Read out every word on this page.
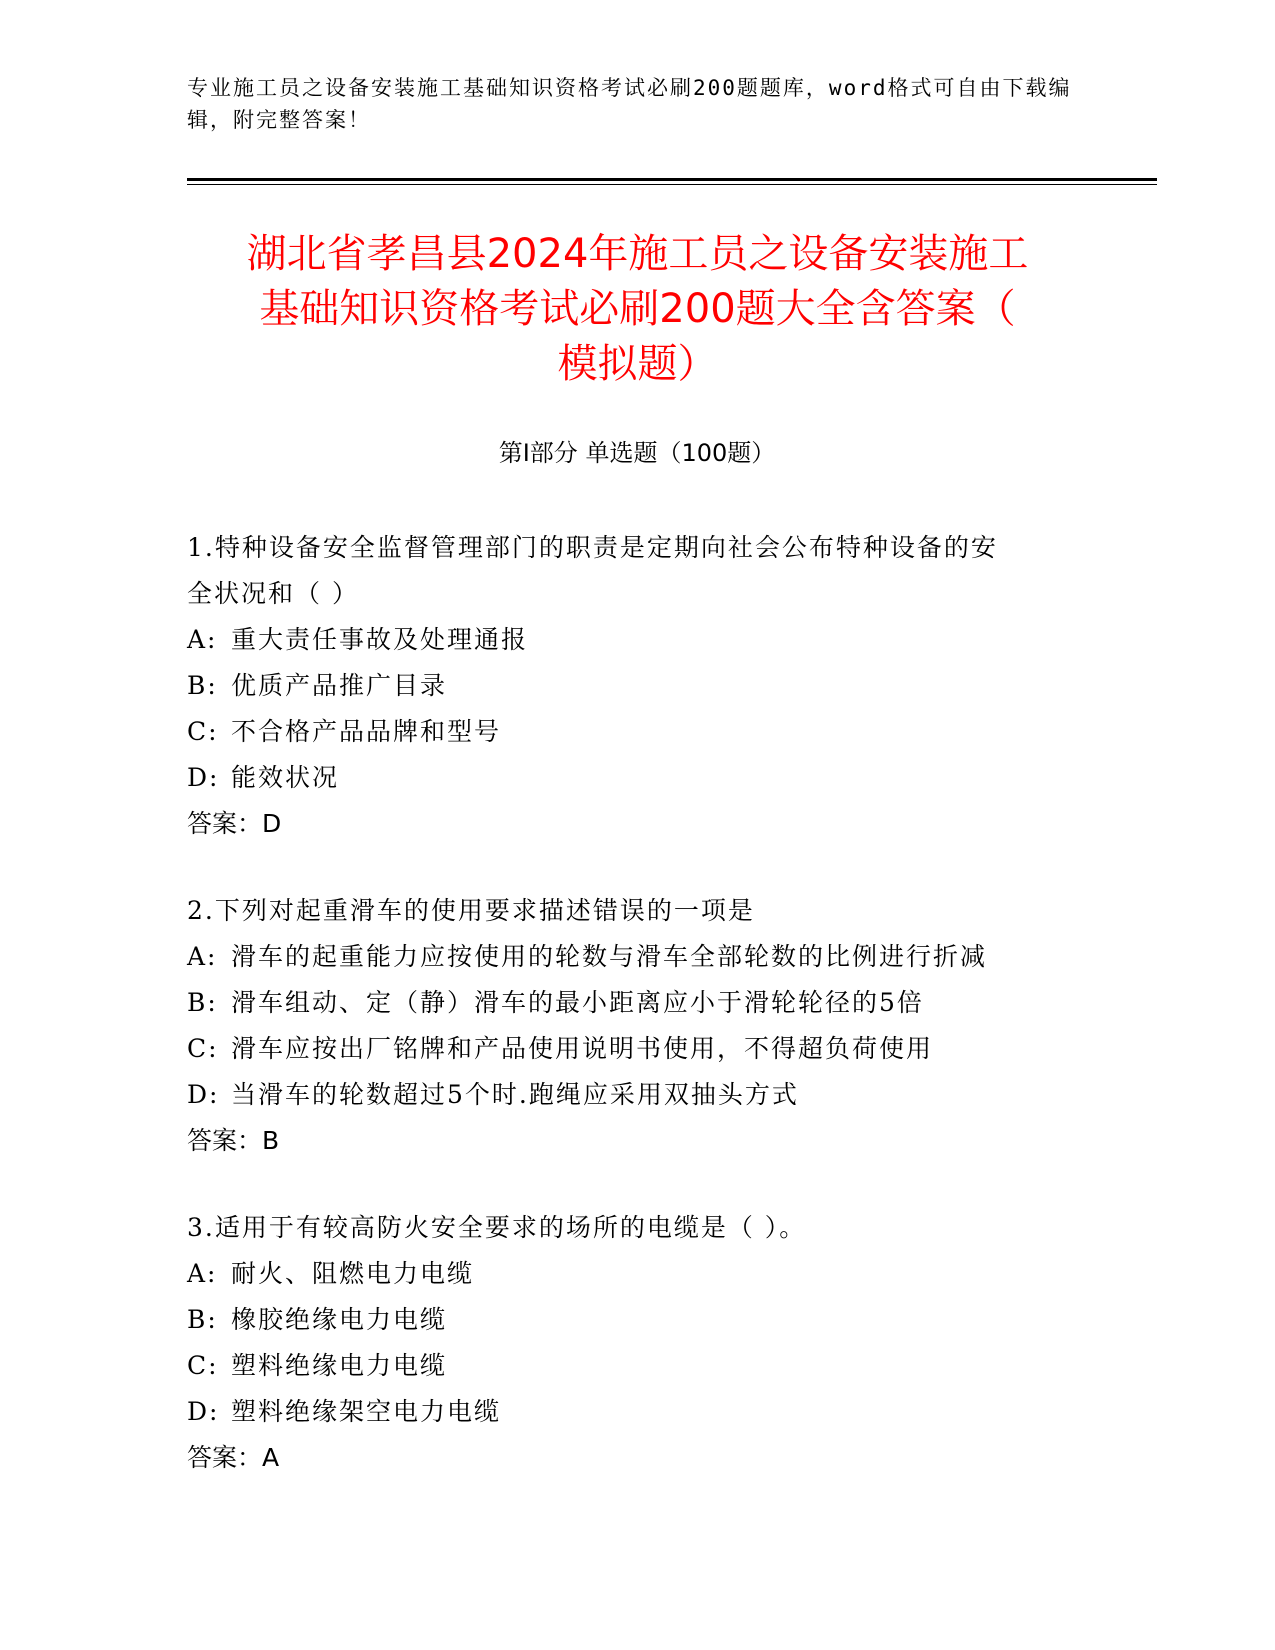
专业施工员之设备安装施工基础知识资格考试必刷200题题库，word格式可自由下载编辑，附完整答案！
湖北省孝昌县2024年施工员之设备安装施工
基础知识资格考试必刷200题大全含答案（
模拟题）
第Ⅰ部分 单选题（100题）
1.特种设备安全监督管理部门的职责是定期向社会公布特种设备的安
全状况和（ ）
A: 重大责任事故及处理通报
B: 优质产品推广目录
C: 不合格产品品牌和型号
D: 能效状况
答案：D
2.下列对起重滑车的使用要求描述错误的一项是
A: 滑车的起重能力应按使用的轮数与滑车全部轮数的比例进行折减
B: 滑车组动、定（静）滑车的最小距离应小于滑轮轮径的5倍
C: 滑车应按出厂铭牌和产品使用说明书使用，不得超负荷使用
D: 当滑车的轮数超过5个时.跑绳应采用双抽头方式
答案：B
3.适用于有较高防火安全要求的场所的电缆是（ ）。
A: 耐火、阻燃电力电缆
B: 橡胶绝缘电力电缆
C: 塑料绝缘电力电缆
D: 塑料绝缘架空电力电缆
答案：A
